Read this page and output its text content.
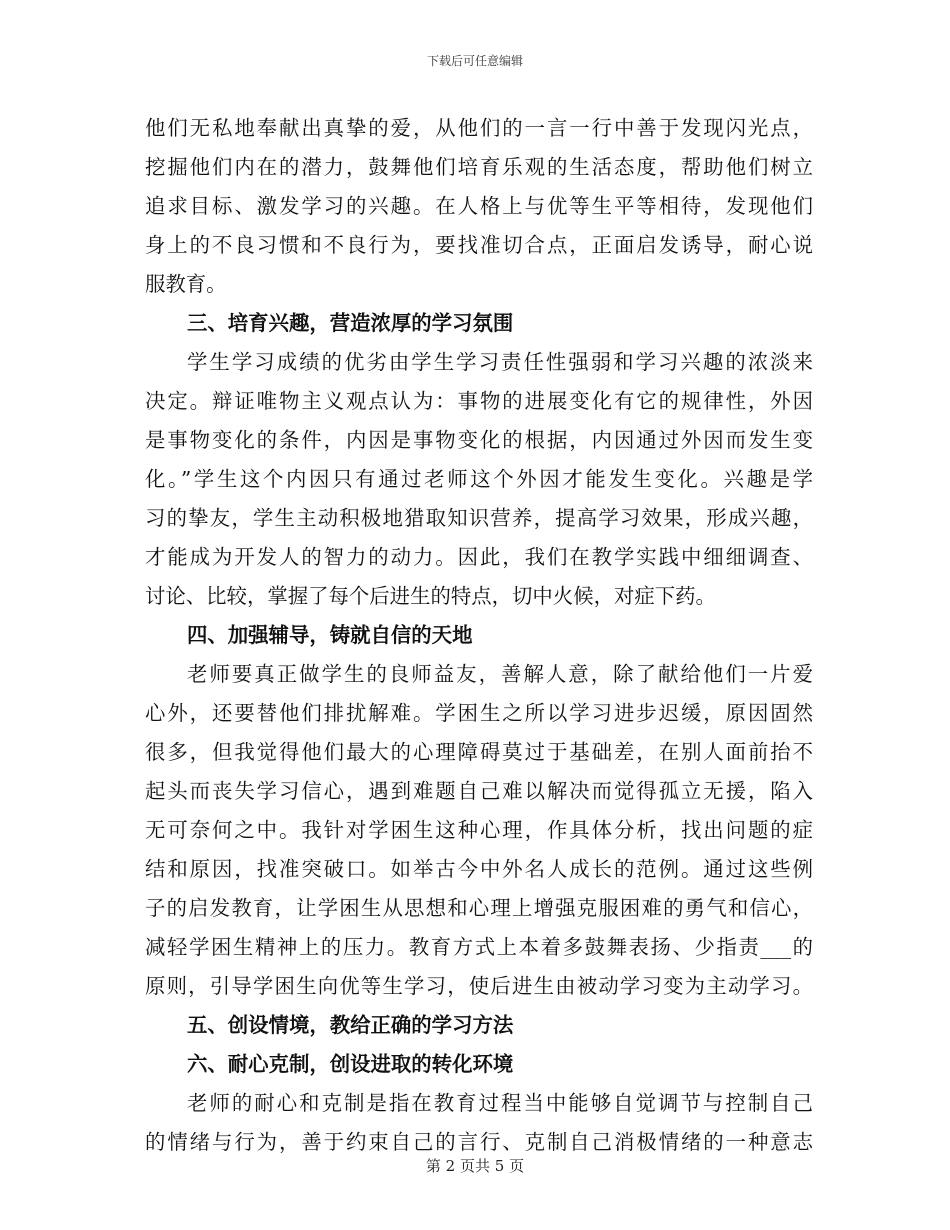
下载后可任意编辑
他们无私地奉献出真挚的爱，从他们的一言一行中善于发现闪光点，
挖掘他们内在的潜力，鼓舞他们培育乐观的生活态度，帮助他们树立
追求目标、激发学习的兴趣。在人格上与优等生平等相待，发现他们
身上的不良习惯和不良行为，要找准切合点，正面启发诱导，耐心说
服教育。
三、培育兴趣，营造浓厚的学习氛围
学生学习成绩的优劣由学生学习责任性强弱和学习兴趣的浓淡来
决定。辩证唯物主义观点认为：事物的进展变化有它的规律性，外因
是事物变化的条件，内因是事物变化的根据，内因通过外因而发生变
化。”学生这个内因只有通过老师这个外因才能发生变化。兴趣是学
习的挚友，学生主动积极地猎取知识营养，提高学习效果，形成兴趣，
才能成为开发人的智力的动力。因此，我们在教学实践中细细调查、
讨论、比较，掌握了每个后进生的特点，切中火候，对症下药。
四、加强辅导，铸就自信的天地
老师要真正做学生的良师益友，善解人意，除了献给他们一片爱
心外，还要替他们排扰解难。学困生之所以学习进步迟缓，原因固然
很多，但我觉得他们最大的心理障碍莫过于基础差，在别人面前抬不
起头而丧失学习信心，遇到难题自己难以解决而觉得孤立无援，陷入
无可奈何之中。我针对学困生这种心理，作具体分析，找出问题的症
结和原因，找准突破口。如举古今中外名人成长的范例。通过这些例
子的启发教育，让学困生从思想和心理上增强克服困难的勇气和信心，
减轻学困生精神上的压力。教育方式上本着多鼓舞表扬、少指责___的
原则，引导学困生向优等生学习，使后进生由被动学习变为主动学习。
五、创设情境，教给正确的学习方法
六、耐心克制，创设进取的转化环境
老师的耐心和克制是指在教育过程当中能够自觉调节与控制自己
的情绪与行为，善于约束自己的言行、克制自己消极情绪的一种意志
第 2 页共 5 页
